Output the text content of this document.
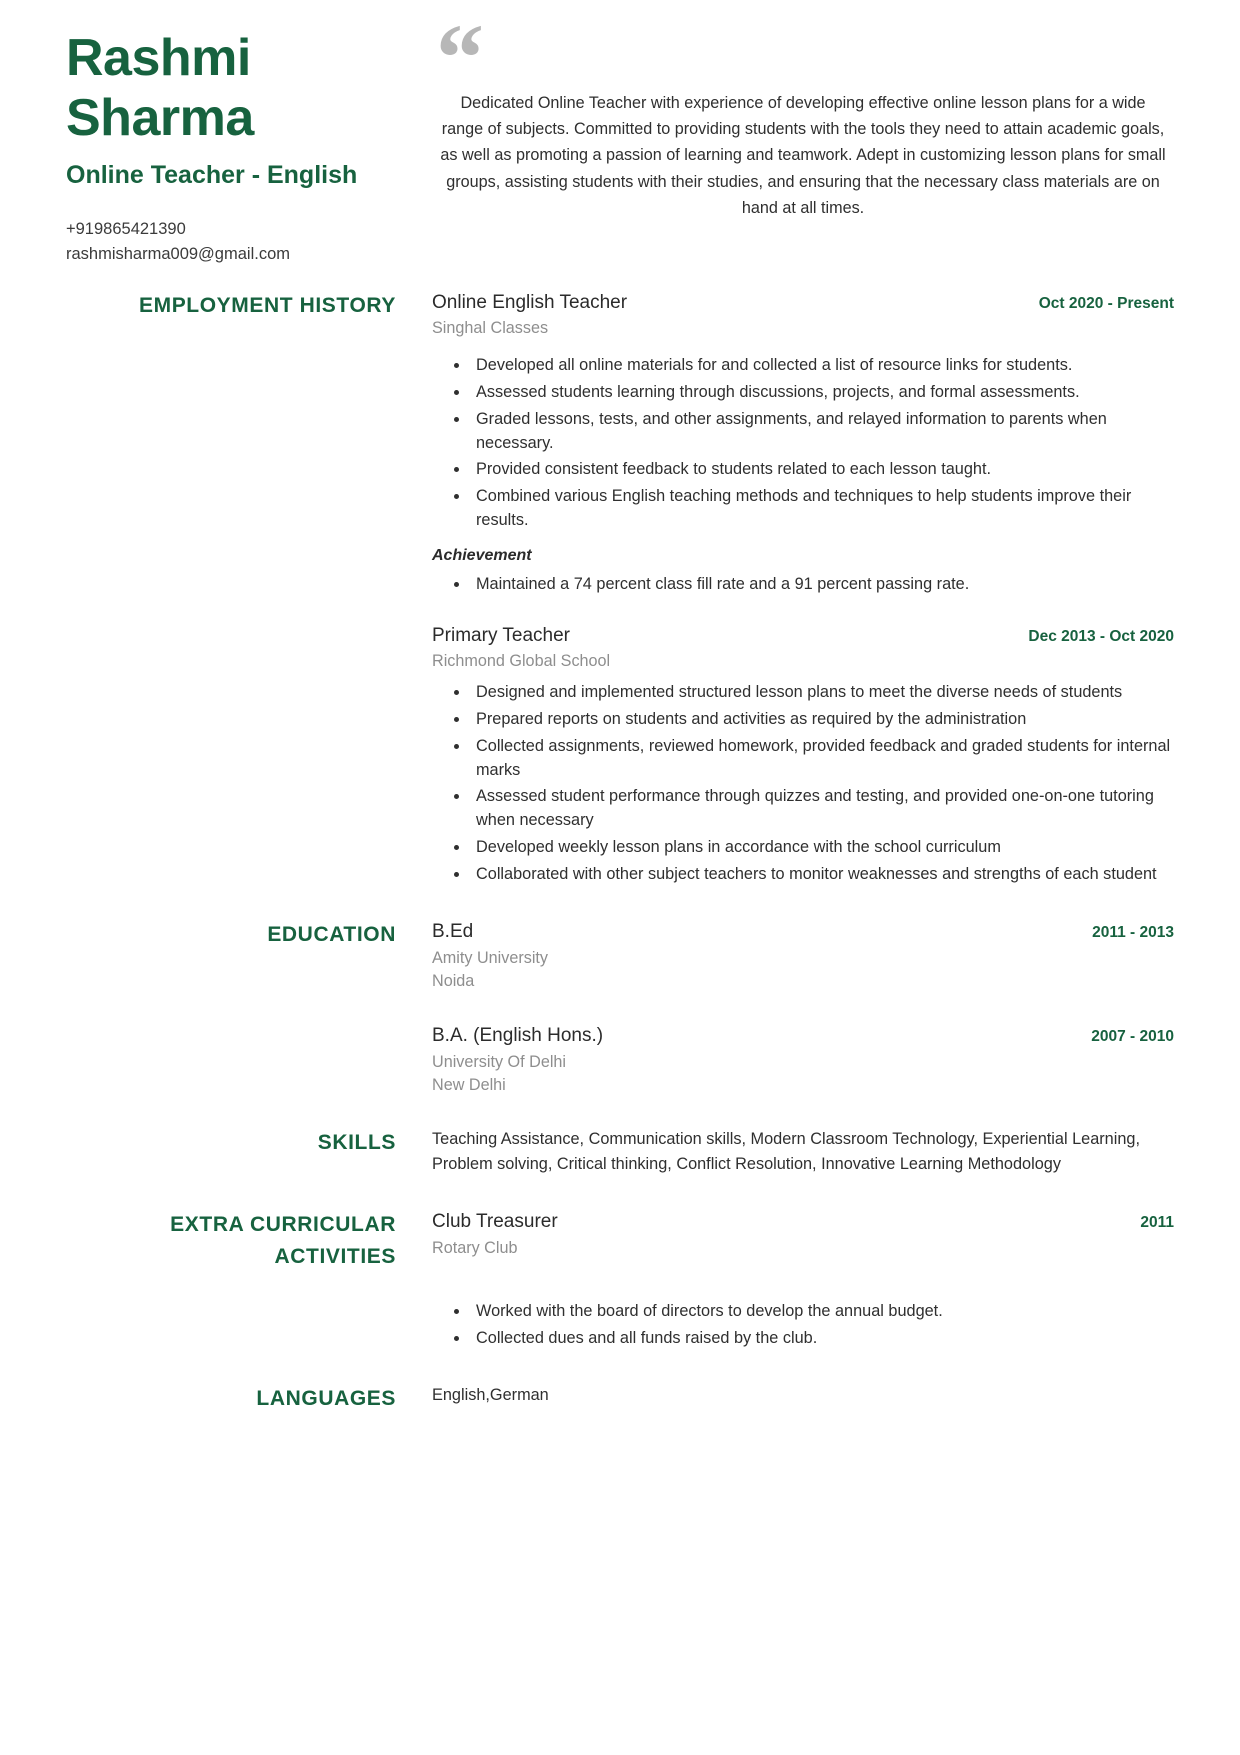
Rashmi
Sharma
Online Teacher - English
+919865421390
rashmisharma009@gmail.com
“
Dedicated Online Teacher with experience of developing effective online lesson plans for a wide range of subjects. Committed to providing students with the tools they need to attain academic goals, as well as promoting a passion of learning and teamwork. Adept in customizing lesson plans for small groups, assisting students with their studies, and ensuring that the necessary class materials are on hand at all times.
EMPLOYMENT HISTORY Online English Teacher	Oct 2020 - Present
Singhal Classes
• Developed all online materials for and collected a list of resource links for students.
• Assessed students learning through discussions, projects, and formal assessments.
• Graded lessons, tests, and other assignments, and relayed information to parents when necessary.
• Provided consistent feedback to students related to each lesson taught.
• Combined various English teaching methods and techniques to help students improve their results.
Achievement
• Maintained a 74 percent class fill rate and a 91 percent passing rate.
Primary Teacher	Dec 2013 - Oct 2020
Richmond Global School
• Designed and implemented structured lesson plans to meet the diverse needs of students
• Prepared reports on students and activities as required by the administration
• Collected assignments, reviewed homework, provided feedback and graded students for internal marks
• Assessed student performance through quizzes and testing, and provided one-on-one tutoring when necessary
• Developed weekly lesson plans in accordance with the school curriculum
• Collaborated with other subject teachers to monitor weaknesses and strengths of each student
EDUCATION B.Ed	2011 - 2013
Amity University
Noida
B.A. (English Hons.)	2007 - 2010
University Of Delhi
New Delhi
SKILLS Teaching Assistance, Communication skills, Modern Classroom Technology, Experiential Learning, Problem solving, Critical thinking, Conflict Resolution, Innovative Learning Methodology
EXTRA CURRICULAR ACTIVITIES
Club Treasurer	2011
Rotary Club
• Worked with the board of directors to develop the annual budget.
• Collected dues and all funds raised by the club.
LANGUAGES English,German
